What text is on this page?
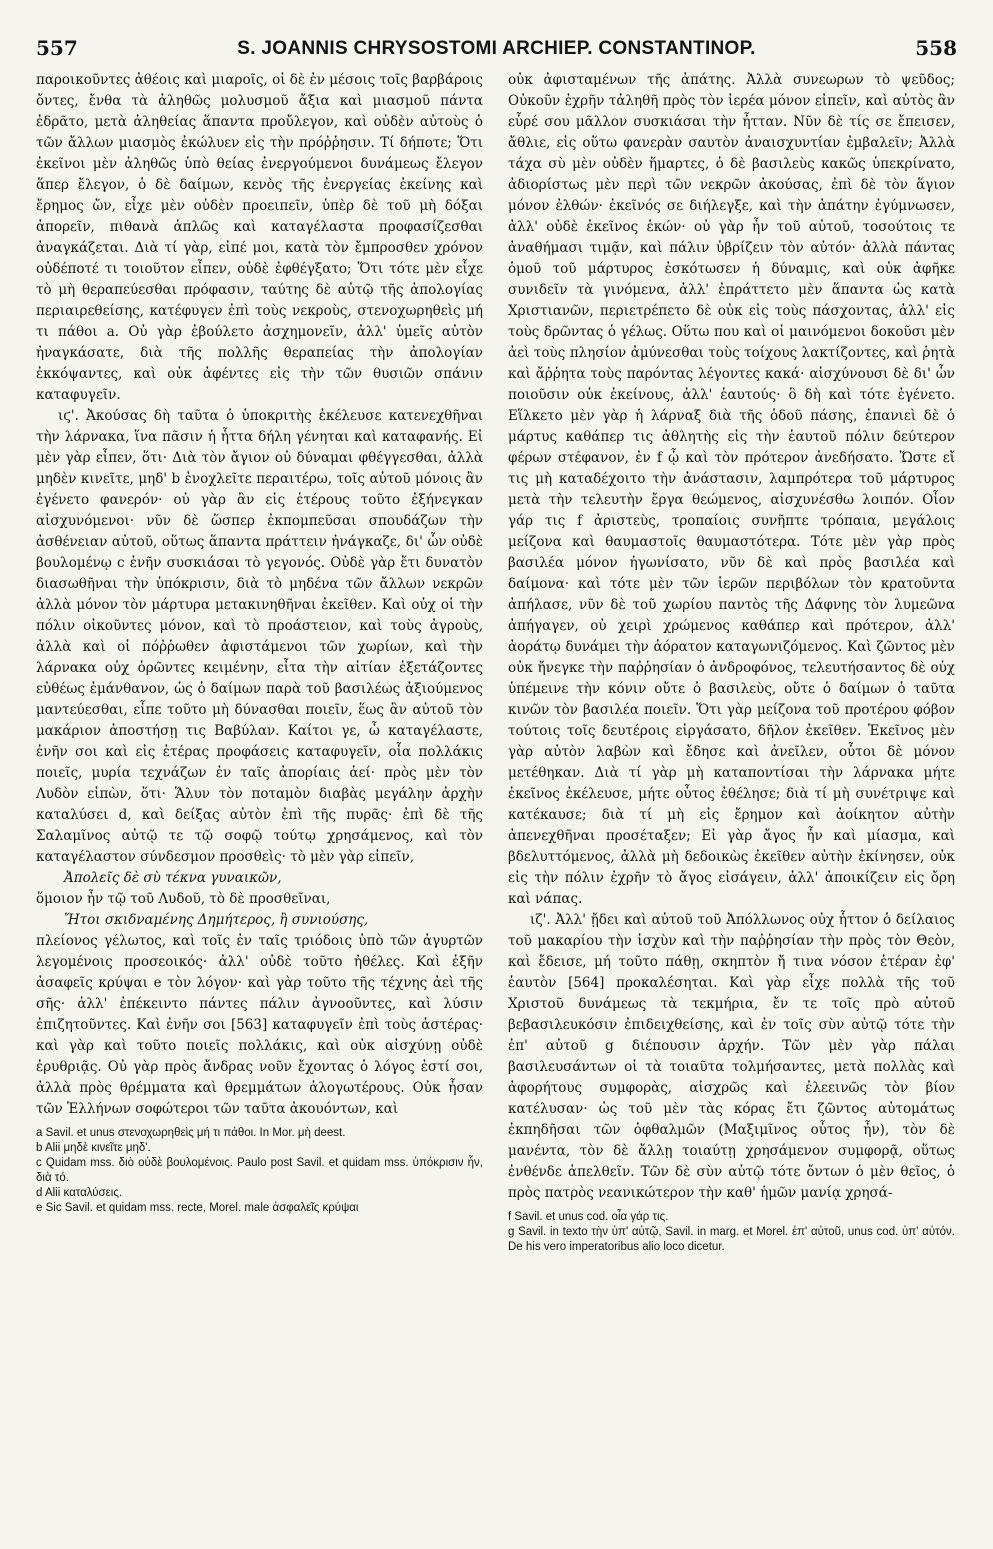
557	S. JOANNIS CHRYSOSTOMI ARCHIEP. CONSTANTINOP.	558

παροικοῦντες ἀθέοις καὶ μιαροῖς, οἱ δὲ ἐν μέσοις τοῖς βαρβάροις ὄντες, ἔνθα τὰ ἀληθῶς μολυσμοῦ ἄξια καὶ μιασμοῦ πάντα ἐδρᾶτο, μετὰ ἀληθείας ἅπαντα προὔλεγον, καὶ οὐδὲν αὐτοὺς ὁ τῶν ἄλλων μιασμὸς ἐκώλυεν εἰς τὴν πρόῤῥησιν. Τί δήποτε; Ὅτι ἐκεῖνοι μὲν ἀληθῶς ὑπὸ θείας ἐνεργούμενοι δυνάμεως ἔλεγον ἅπερ ἔλεγον, ὁ δὲ δαίμων, κενὸς τῆς ἐνεργείας ἐκείνης καὶ ἔρημος ὤν, εἶχε μὲν οὐδὲν προειπεῖν, ὑπὲρ δὲ τοῦ μὴ δόξαι ἀπορεῖν, πιθανὰ ἁπλῶς καὶ καταγέλαστα προφασίζεσθαι ἀναγκάζεται. Διὰ τί γὰρ, εἰπέ μοι, κατὰ τὸν ἔμπροσθεν χρόνον οὐδέποτέ τι τοιοῦτον εἶπεν, οὐδὲ ἐφθέγξατο; Ὅτι τότε μὲν εἶχε τὸ μὴ θεραπεύεσθαι πρόφασιν, ταύτης δὲ αὐτῷ τῆς ἀπολογίας περιαιρεθείσης, κατέφυγεν ἐπὶ τοὺς νεκροὺς, στενοχωρηθεὶς μή τι πάθοι a. Οὐ γὰρ ἐβούλετο ἀσχημονεῖν, ἀλλ' ὑμεῖς αὐτὸν ἠναγκάσατε, διὰ τῆς πολλῆς θεραπείας τὴν ἀπολογίαν ἐκκόψαντες, καὶ οὐκ ἀφέντες εἰς τὴν τῶν θυσιῶν σπάνιν καταφυγεῖν.

ιϛ'. Ἀκούσας δὴ ταῦτα ὁ ὑποκριτὴς ἐκέλευσε κατενεχθῆναι τὴν λάρνακα, ἵνα πᾶσιν ἡ ἧττα δήλη γένηται καὶ καταφανής. Εἰ μὲν γὰρ εἶπεν, ὅτι· Διὰ τὸν ἄγιον οὐ δύναμαι φθέγγεσθαι, ἀλλὰ μηδὲν κινεῖτε, μηδ' b ἐνοχλεῖτε περαιτέρω, τοῖς αὐτοῦ μόνοις ἂν ἐγένετο φανερόν· οὐ γὰρ ἂν εἰς ἑτέρους τοῦτο ἐξήνεγκαν αἰσχυνόμενοι· νῦν δὲ ὥσπερ ἐκπομπεῦσαι σπουδάζων τὴν ἀσθένειαν αὐτοῦ, οὕτως ἅπαντα πράττειν ἠνάγκαζε, δι' ὧν οὐδὲ βουλομένῳ c ἐνῆν συσκιάσαι τὸ γεγονός. Οὐδὲ γὰρ ἔτι δυνατὸν διασωθῆναι τὴν ὑπόκρισιν, διὰ τὸ μηδένα τῶν ἄλλων νεκρῶν ἀλλὰ μόνον τὸν μάρτυρα μετακινηθῆναι ἐκεῖθεν. Καὶ οὐχ οἱ τὴν πόλιν οἰκοῦντες μόνον, καὶ τὸ προάστειον, καὶ τοὺς ἀγροὺς, ἀλλὰ καὶ οἱ πόῤῥωθεν ἀφιστάμενοι τῶν χωρίων, καὶ τὴν λάρνακα οὐχ ὁρῶντες κειμένην, εἶτα τὴν αἰτίαν ἐξετάζοντες εὐθέως ἐμάνθανον, ὡς ὁ δαίμων παρὰ τοῦ βασιλέως ἀξιούμενος μαντεύεσθαι, εἶπε τοῦτο μὴ δύνασθαι ποιεῖν, ἕως ἂν αὐτοῦ τὸν μακάριον ἀποστήσῃ τις Βαβύλαν. Καίτοι γε, ὦ καταγέλαστε, ἐνῆν σοι καὶ εἰς ἑτέρας προφάσεις καταφυγεῖν, οἷα πολλάκις ποιεῖς, μυρία τεχνάζων ἐν ταῖς ἀπορίαις ἀεί· πρὸς μὲν τὸν Λυδὸν εἰπὼν, ὅτι· Ἅλυν τὸν ποταμὸν διαβὰς μεγάλην ἀρχὴν καταλύσει d, καὶ δείξας αὐτὸν ἐπὶ τῆς πυρᾶς· ἐπὶ δὲ τῆς Σαλαμῖνος αὐτῷ τε τῷ σοφῷ τούτῳ χρησάμενος, καὶ τὸν καταγέλαστον σύνδεσμον προσθεὶς· τὸ μὲν γὰρ εἰπεῖν,

Ἀπολεῖς δὲ σὺ τέκνα γυναικῶν,

ὅμοιον ἦν τῷ τοῦ Λυδοῦ, τὸ δὲ προσθεῖναι,

Ἤτοι σκιδναμένης Δημήτερος, ἢ συνιούσης,

πλείονος γέλωτος, καὶ τοῖς ἐν ταῖς τριόδοις ὑπὸ τῶν ἀγυρτῶν λεγομένοις προσεοικός· ἀλλ' οὐδὲ τοῦτο ἠθέλες. Καὶ ἐξῆν ἀσαφεῖς κρύψαι e τὸν λόγον· καὶ γὰρ τοῦτο τῆς τέχνης ἀεὶ τῆς σῆς· ἀλλ' ἐπέκειντο πάντες πάλιν ἀγνοοῦντες, καὶ λύσιν ἐπιζητοῦντες. Καὶ ἐνῆν σοι [563] καταφυγεῖν ἐπὶ τοὺς ἀστέρας· καὶ γὰρ καὶ τοῦτο ποιεῖς πολλάκις, καὶ οὐκ αἰσχύνῃ οὐδὲ ἐρυθριᾷς. Οὐ γὰρ πρὸς ἄνδρας νοῦν ἔχοντας ὁ λόγος ἐστί σοι, ἀλλὰ πρὸς θρέμματα καὶ θρεμμάτων ἀλογωτέρους. Οὐκ ἦσαν τῶν Ἑλλήνων σοφώτεροι τῶν ταῦτα ἀκουόντων, καὶ

a Savil. et unus στενοχωρηθεὶς μή τι πάθοι. In Mor. μὴ deest.
b Alii μηδὲ κινεῖτε μηδ'.
c Quidam mss. διὸ οὐδὲ βουλομένοις. Paulo post Savil. et quidam mss. ὑπόκρισιν ἦν, διὰ τό.
d Alii καταλύσεις.
e Sic Savil. et quidam mss. recte, Morel. male ἀσφαλεῖς κρύψαι

οὐκ ἀφισταμένων τῆς ἀπάτης. Ἀλλὰ συνεωρων τὸ ψεῦδος; Οὐκοῦν ἐχρῆν τἀληθῆ πρὸς τὸν ἱερέα μόνον εἰπεῖν, καὶ αὐτὸς ἂν εὗρέ σου μᾶλλον συσκιάσαι τὴν ἧτταν. Νῦν δὲ τίς σε ἔπεισεν, ἄθλιε, εἰς οὕτω φανερὰν σαυτὸν ἀναισχυντίαν ἐμβαλεῖν; Ἀλλὰ τάχα σὺ μὲν οὐδὲν ἥμαρτες, ὁ δὲ βασιλεὺς κακῶς ὑπεκρίνατο, ἀδιορίστως μὲν περὶ τῶν νεκρῶν ἀκούσας, ἐπὶ δὲ τὸν ἅγιον μόνον ἐλθών· ἐκεῖνός σε διήλεγξε, καὶ τὴν ἀπάτην ἐγύμνωσεν, ἀλλ' οὐδὲ ἐκεῖνος ἑκών· οὐ γὰρ ἦν τοῦ αὐτοῦ, τοσούτοις τε ἀναθήμασι τιμᾷν, καὶ πάλιν ὑβρίζειν τὸν αὐτόν· ἀλλὰ πάντας ὁμοῦ τοῦ μάρτυρος ἐσκότωσεν ἡ δύναμις, καὶ οὐκ ἀφῆκε συνιδεῖν τὰ γινόμενα, ἀλλ' ἐπράττετο μὲν ἅπαντα ὡς κατὰ Χριστιανῶν, περιετρέπετο δὲ οὐκ εἰς τοὺς πάσχοντας, ἀλλ' εἰς τοὺς δρῶντας ὁ γέλως. Οὕτω που καὶ οἱ μαινόμενοι δοκοῦσι μὲν ἀεὶ τοὺς πλησίον ἀμύνεσθαι τοὺς τοίχους λακτίζοντες, καὶ ῥητὰ καὶ ἄῤῥητα τοὺς παρόντας λέγοντες κακά· αἰσχύνουσι δὲ δι' ὧν ποιοῦσιν οὐκ ἐκείνους, ἀλλ' ἑαυτούς· ὃ δὴ καὶ τότε ἐγένετο. Εἵλκετο μὲν γὰρ ἡ λάρναξ διὰ τῆς ὁδοῦ πάσης, ἐπανιεὶ δὲ ὁ μάρτυς καθάπερ τις ἀθλητὴς εἰς τὴν ἑαυτοῦ πόλιν δεύτερον φέρων στέφανον, ἐν f ᾧ καὶ τὸν πρότερον ἀνεδήσατο. Ὥστε εἴ τις μὴ καταδέχοιτο τὴν ἀνάστασιν, λαμπρότερα τοῦ μάρτυρος μετὰ τὴν τελευτὴν ἔργα θεώμενος, αἰσχυνέσθω λοιπόν. Οἷον γάρ τις f ἀριστεὺς, τροπαίοις συνῆπτε τρόπαια, μεγάλοις μείζονα καὶ θαυμαστοῖς θαυμαστότερα. Τότε μὲν γὰρ πρὸς βασιλέα μόνον ἠγωνίσατο, νῦν δὲ καὶ πρὸς βασιλέα καὶ δαίμονα· καὶ τότε μὲν τῶν ἱερῶν περιβόλων τὸν κρατοῦντα ἀπήλασε, νῦν δὲ τοῦ χωρίου παντὸς τῆς Δάφνης τὸν λυμεῶνα ἀπήγαγεν, οὐ χειρὶ χρώμενος καθάπερ καὶ πρότερον, ἀλλ' ἀοράτῳ δυνάμει τὴν ἀόρατον καταγωνιζόμενος. Καὶ ζῶντος μὲν οὐκ ἤνεγκε τὴν παῤῥησίαν ὁ ἀνδροφόνος, τελευτήσαντος δὲ οὐχ ὑπέμεινε τὴν κόνιν οὔτε ὁ βασιλεὺς, οὔτε ὁ δαίμων ὁ ταῦτα κινῶν τὸν βασιλέα ποιεῖν. Ὅτι γὰρ μείζονα τοῦ προτέρου φόβον τούτοις τοῖς δευτέροις εἰργάσατο, δῆλον ἐκεῖθεν. Ἐκεῖνος μὲν γὰρ αὐτὸν λαβὼν καὶ ἔδησε καὶ ἀνεῖλεν, οὗτοι δὲ μόνον μετέθηκαν. Διὰ τί γὰρ μὴ καταποντίσαι τὴν λάρνακα μήτε ἐκεῖνος ἐκέλευσε, μήτε οὗτος ἐθέλησε; διὰ τί μὴ συνέτριψε καὶ κατέκαυσε; διὰ τί μὴ εἰς ἔρημον καὶ ἀοίκητον αὐτὴν ἀπενεχθῆναι προσέταξεν; Εἰ γὰρ ἄγος ἦν καὶ μίασμα, καὶ βδελυττόμενος, ἀλλὰ μὴ δεδοικὼς ἐκεῖθεν αὐτὴν ἐκίνησεν, οὐκ εἰς τὴν πόλιν ἐχρῆν τὸ ἄγος εἰσάγειν, ἀλλ' ἀποικίζειν εἰς ὄρη καὶ νάπας.

ιζ'. Ἀλλ' ᾔδει καὶ αὐτοῦ τοῦ Ἀπόλλωνος οὐχ ἧττον ὁ δείλαιος τοῦ μακαρίου τὴν ἰσχὺν καὶ τὴν παῤῥησίαν τὴν πρὸς τὸν Θεὸν, καὶ ἔδεισε, μή τοῦτο πάθῃ, σκηπτὸν ἤ τινα νόσον ἑτέραν ἐφ' ἑαυτὸν [564] προκαλέσηται. Καὶ γὰρ εἶχε πολλὰ τῆς τοῦ Χριστοῦ δυνάμεως τὰ τεκμήρια, ἔν τε τοῖς πρὸ αὐτοῦ βεβασιλευκόσιν ἐπιδειχθείσης, καὶ ἐν τοῖς σὺν αὐτῷ τότε τὴν ἐπ' αὐτοῦ g διέπουσιν ἀρχήν. Τῶν μὲν γὰρ πάλαι βασιλευσάντων οἱ τὰ τοιαῦτα τολμήσαντες, μετὰ πολλὰς καὶ ἀφορήτους συμφορὰς, αἰσχρῶς καὶ ἐλεεινῶς τὸν βίον κατέλυσαν· ὡς τοῦ μὲν τὰς κόρας ἔτι ζῶντος αὐτομάτως ἐκπηδῆσαι τῶν ὀφθαλμῶν (Μαξιμῖνος οὗτος ἦν), τὸν δὲ μανέντα, τὸν δὲ ἄλλῃ τοιαύτῃ χρησάμενον συμφορᾷ, οὕτως ἐνθένδε ἀπελθεῖν. Τῶν δὲ σὺν αὐτῷ τότε ὄντων ὁ μὲν θεῖος, ὁ πρὸς πατρὸς νεανικώτερον τὴν καθ' ἡμῶν μανίᾳ χρησά-

f Savil. et unus cod. οἷα γάρ τις.
g Savil. in texto τὴν ὑπ' αὐτῷ, Savil. in marg. et Morel. ἐπ' αὐτοῦ, unus cod. ὑπ' αὐτόν. De his vero imperatoribus alio loco dicetur.
